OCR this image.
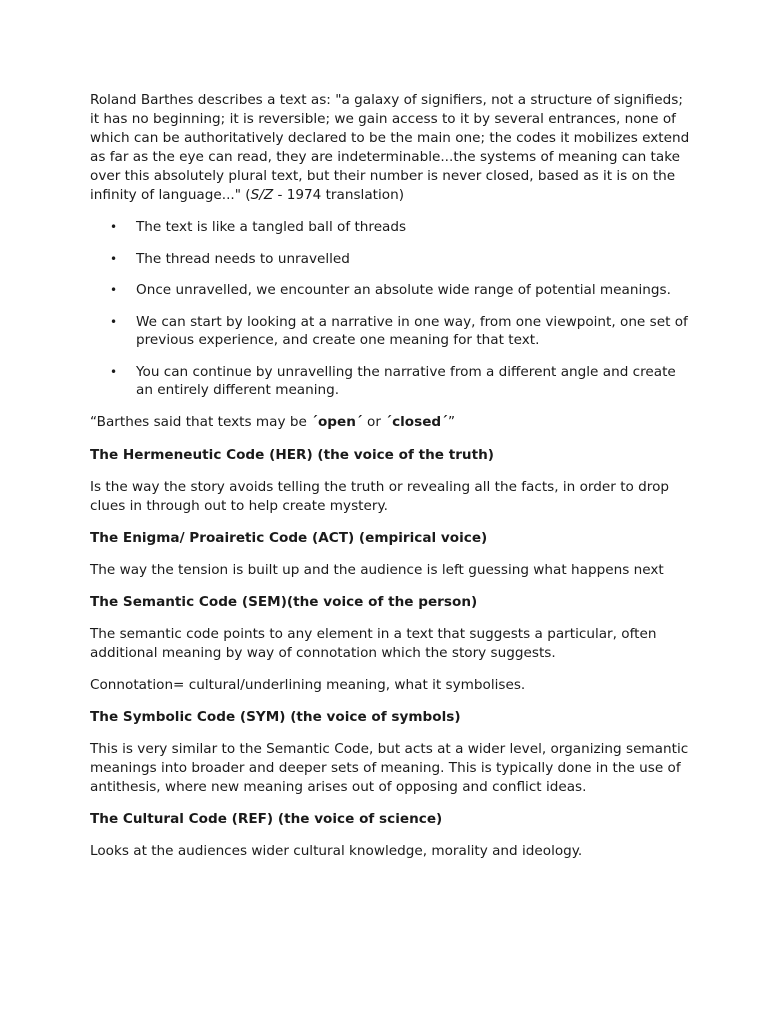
Roland Barthes describes a text as: "a galaxy of signifiers, not a structure of signifieds; it has no beginning; it is reversible; we gain access to it by several entrances, none of which can be authoritatively declared to be the main one; the codes it mobilizes extend as far as the eye can read, they are indeterminable...the systems of meaning can take over this absolutely plural text, but their number is never closed, based as it is on the infinity of language..." (S/Z - 1974 translation)

• The text is like a tangled ball of threads
• The thread needs to unravelled
• Once unravelled, we encounter an absolute wide range of potential meanings.
• We can start by looking at a narrative in one way, from one viewpoint, one set of previous experience, and create one meaning for that text.
• You can continue by unravelling the narrative from a different angle and create an entirely different meaning.

“Barthes said that texts may be ´open´ or ´closed´”

The Hermeneutic Code (HER) (the voice of the truth)

Is the way the story avoids telling the truth or revealing all the facts, in order to drop clues in through out to help create mystery.

The Enigma/ Proairetic Code (ACT) (empirical voice)

The way the tension is built up and the audience is left guessing what happens next

The Semantic Code (SEM)(the voice of the person)

The semantic code points to any element in a text that suggests a particular, often additional meaning by way of connotation which the story suggests.

Connotation= cultural/underlining meaning, what it symbolises.

The Symbolic Code (SYM) (the voice of symbols)

This is very similar to the Semantic Code, but acts at a wider level, organizing semantic meanings into broader and deeper sets of meaning. This is typically done in the use of antithesis, where new meaning arises out of opposing and conflict ideas.

The Cultural Code (REF) (the voice of science)

Looks at the audiences wider cultural knowledge, morality and ideology.
